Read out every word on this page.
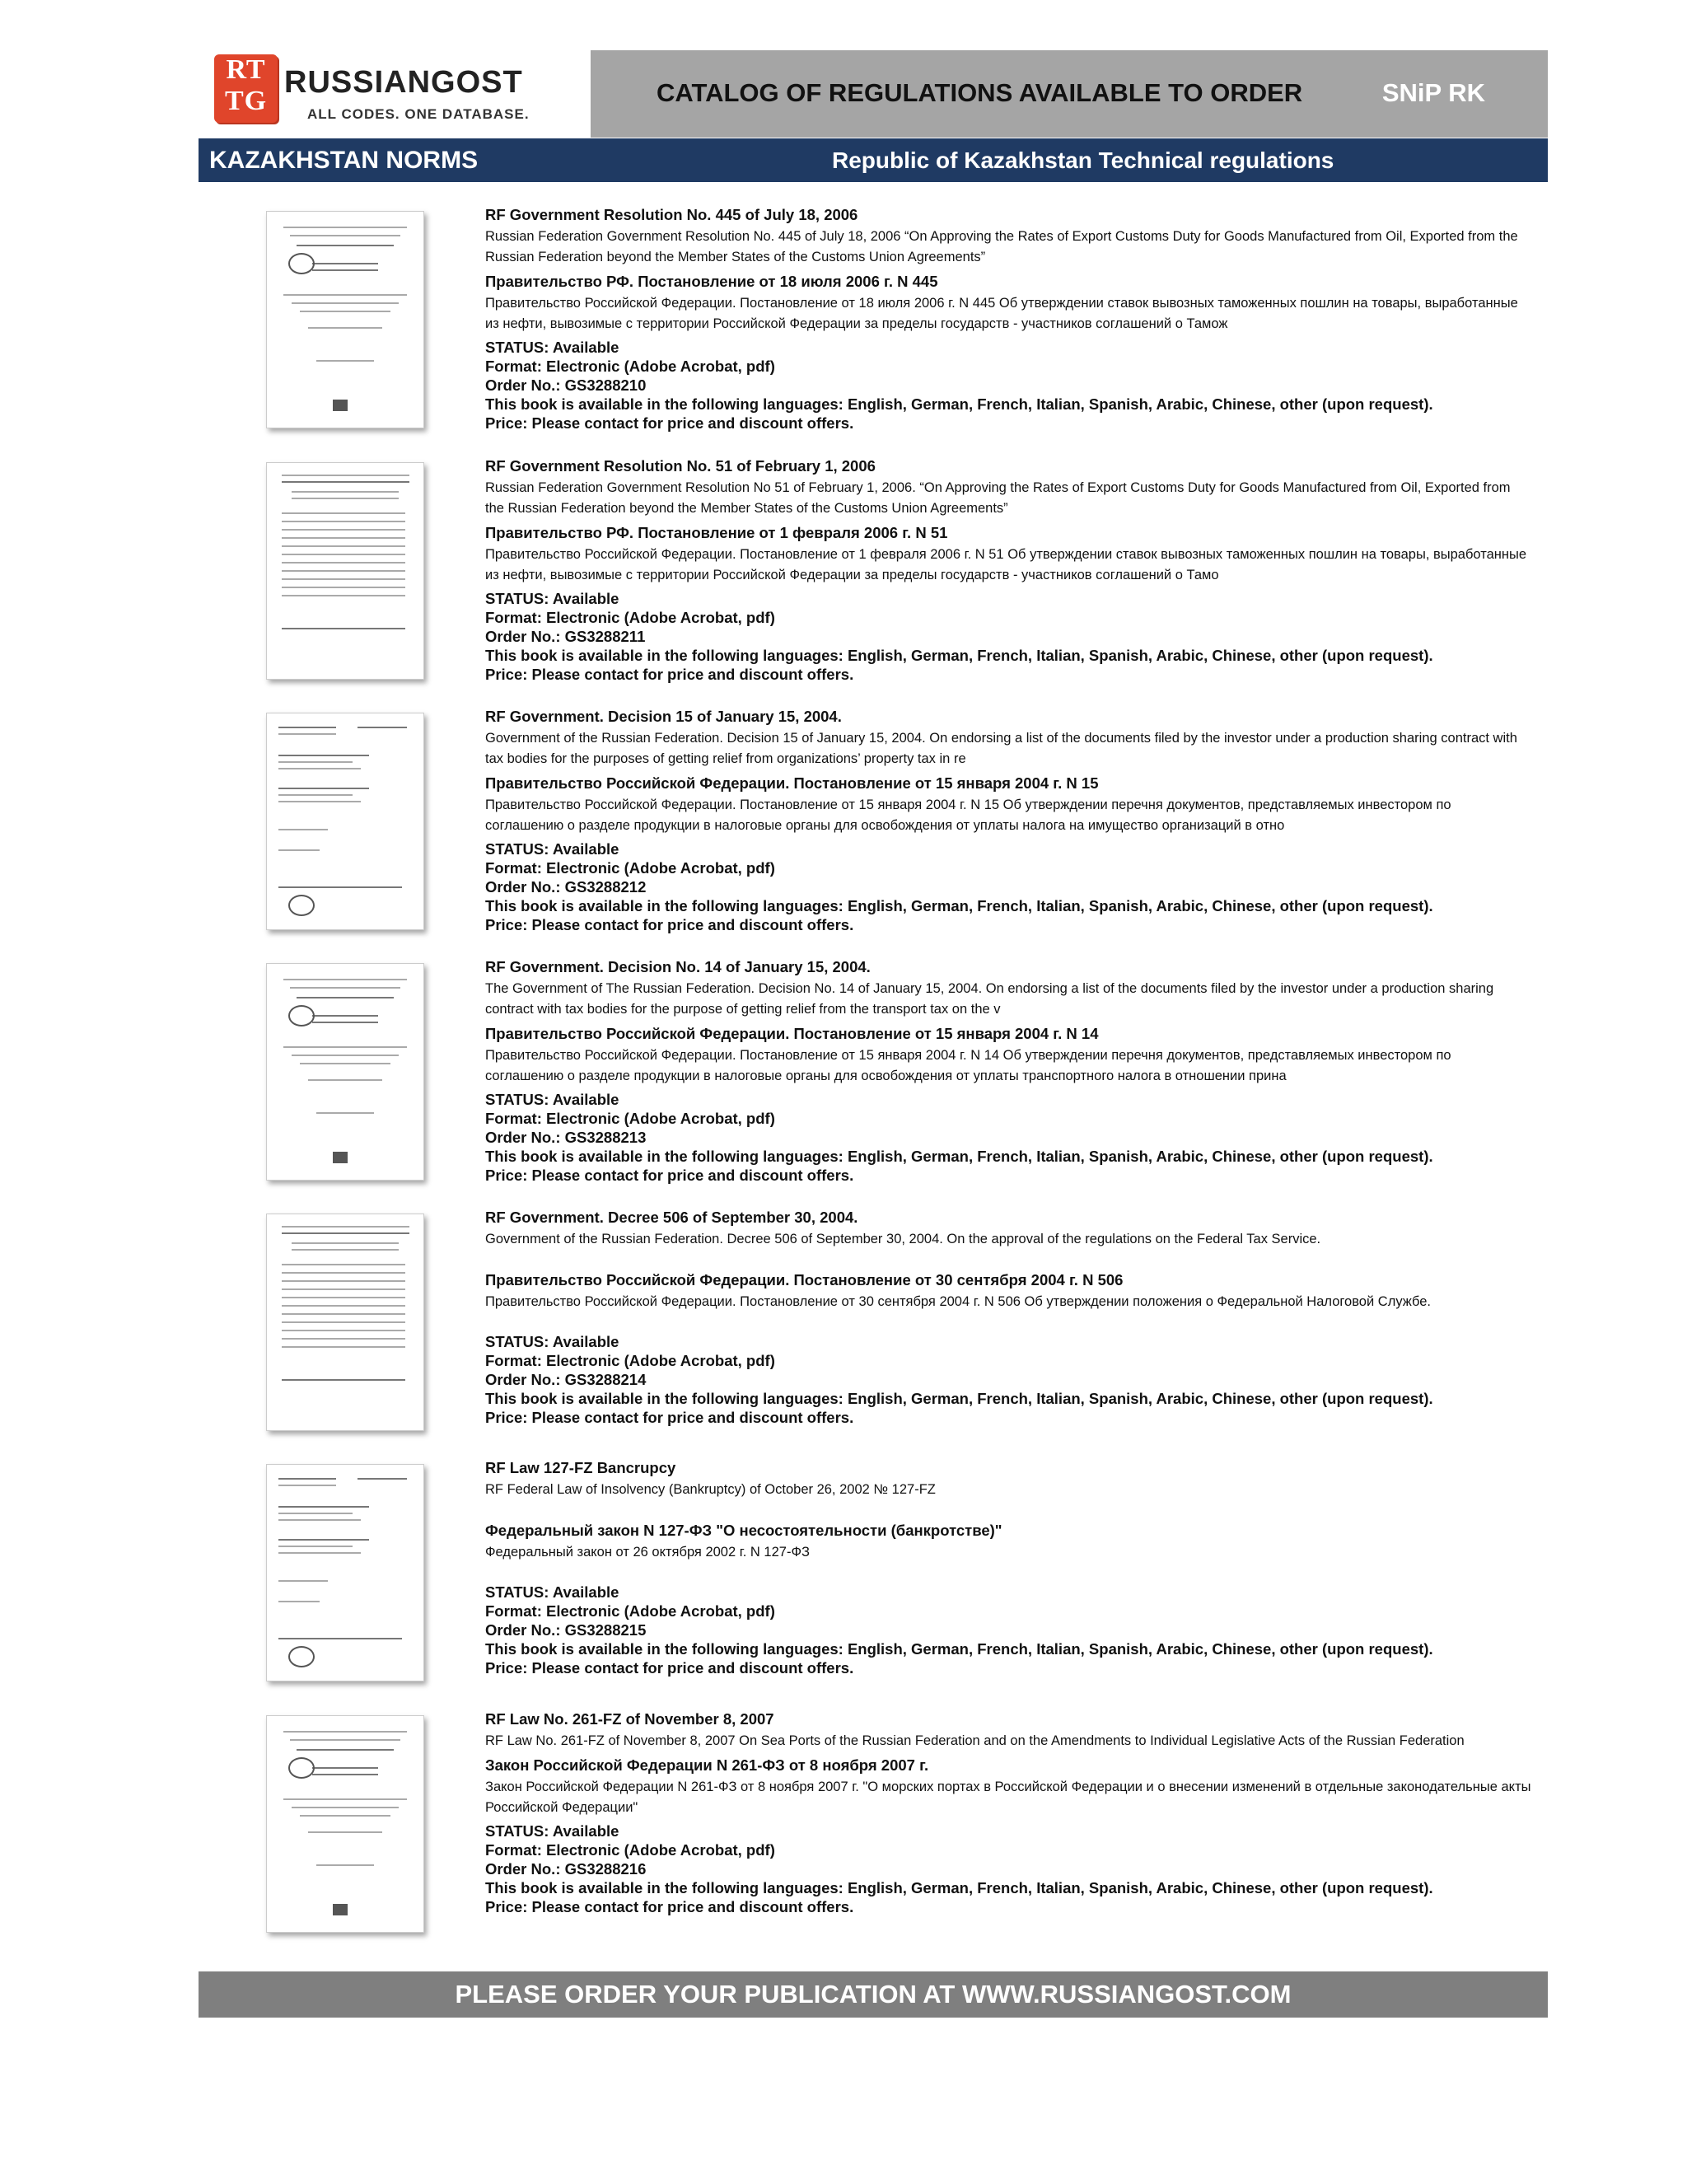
RT
TG
RUSSIANGOST
ALL CODES. ONE DATABASE.
CATALOG OF REGULATIONS AVAILABLE TO ORDER	SNiP RK
KAZAKHSTAN NORMS	Republic of Kazakhstan Technical regulations
RF Government Resolution No. 445 of July 18, 2006
Russian Federation Government Resolution No. 445 of July 18, 2006 “On Approving the Rates of Export Customs Duty for Goods Manufactured from Oil, Exported from the Russian Federation beyond the Member States of the Customs Union Agreements”
Правительство РФ. Постановление от 18 июля 2006 г. N 445
Правительство Российской Федерации. Постановление от 18 июля 2006 г. N 445 Об утверждении ставок вывозных таможенных пошлин на товары, выработанные из нефти, вывозимые с территории Российской Федерации за пределы государств - участников соглашений о Тамож
STATUS: Available
Format: Electronic (Adobe Acrobat, pdf)
Order No.: GS3288210
This book is available in the following languages: English, German, French, Italian, Spanish, Arabic, Chinese, other (upon request).
Price: Please contact for price and discount offers.
RF Government Resolution No. 51 of February 1, 2006
Russian Federation Government Resolution No 51 of February 1, 2006. “On Approving the Rates of Export Customs Duty for Goods Manufactured from Oil, Exported from the Russian Federation beyond the Member States of the Customs Union Agreements”
Правительство РФ. Постановление от 1 февраля 2006 г. N 51
Правительство Российской Федерации. Постановление от 1 февраля 2006 г. N 51 Об утверждении ставок вывозных таможенных пошлин на товары, выработанные из нефти, вывозимые с территории Российской Федерации за пределы государств - участников соглашений о Тамо
STATUS: Available
Format: Electronic (Adobe Acrobat, pdf)
Order No.: GS3288211
This book is available in the following languages: English, German, French, Italian, Spanish, Arabic, Chinese, other (upon request).
Price: Please contact for price and discount offers.
RF Government. Decision 15 of January 15, 2004.
Government of the Russian Federation. Decision 15 of January 15, 2004. On endorsing a list of the documents filed by the investor under a production sharing contract with tax bodies for the purposes of getting relief from organizations’ property tax in re
Правительство Российской Федерации. Постановление от 15 января 2004 г. N 15
Правительство Российской Федерации. Постановление от 15 января 2004 г. N 15 Об утверждении перечня документов, представляемых инвестором по соглашению о разделе продукции в налоговые органы для освобождения от уплаты налога на имущество организаций в отно
STATUS: Available
Format: Electronic (Adobe Acrobat, pdf)
Order No.: GS3288212
This book is available in the following languages: English, German, French, Italian, Spanish, Arabic, Chinese, other (upon request).
Price: Please contact for price and discount offers.
RF Government. Decision No. 14 of January 15, 2004.
The Government of The Russian Federation. Decision No. 14 of January 15, 2004. On endorsing a list of the documents filed by the investor under a production sharing contract with tax bodies for the purpose of getting relief from the transport tax on the v
Правительство Российской Федерации. Постановление от 15 января 2004 г. N 14
Правительство Российской Федерации. Постановление от 15 января 2004 г. N 14 Об утверждении перечня документов, представляемых инвестором по соглашению о разделе продукции в налоговые органы для освобождения от уплаты транспортного налога в отношении прина
STATUS: Available
Format: Electronic (Adobe Acrobat, pdf)
Order No.: GS3288213
This book is available in the following languages: English, German, French, Italian, Spanish, Arabic, Chinese, other (upon request).
Price: Please contact for price and discount offers.
RF Government. Decree 506 of September 30, 2004.
Government of the Russian Federation. Decree 506 of September 30, 2004. On the approval of the regulations on the Federal Tax Service.
Правительство Российской Федерации. Постановление от 30 сентября 2004 г. N 506
Правительство Российской Федерации. Постановление от 30 сентября 2004 г. N 506 Об утверждении положения о Федеральной Налоговой Службе.
STATUS: Available
Format: Electronic (Adobe Acrobat, pdf)
Order No.: GS3288214
This book is available in the following languages: English, German, French, Italian, Spanish, Arabic, Chinese, other (upon request).
Price: Please contact for price and discount offers.
RF Law 127-FZ Bancrupcy
RF Federal Law of Insolvency (Bankruptcy) of October 26, 2002 № 127-FZ
Федеральный закон N 127-ФЗ "О несостоятельности (банкротстве)"
Федеральный закон от 26 октября 2002 г. N 127-ФЗ
STATUS: Available
Format: Electronic (Adobe Acrobat, pdf)
Order No.: GS3288215
This book is available in the following languages: English, German, French, Italian, Spanish, Arabic, Chinese, other (upon request).
Price: Please contact for price and discount offers.
RF Law No. 261-FZ of November 8, 2007
RF Law No. 261-FZ of November 8, 2007 On Sea Ports of the Russian Federation and on the Amendments to Individual Legislative Acts of the Russian Federation
Закон Российской Федерации N 261-ФЗ от 8 ноября 2007 г.
Закон Российской Федерации N 261-ФЗ от 8 ноября 2007 г. "О морских портах в Российской Федерации и о внесении изменений в отдельные законодательные акты Российской Федерации"
STATUS: Available
Format: Electronic (Adobe Acrobat, pdf)
Order No.: GS3288216
This book is available in the following languages: English, German, French, Italian, Spanish, Arabic, Chinese, other (upon request).
Price: Please contact for price and discount offers.
PLEASE ORDER YOUR PUBLICATION AT WWW.RUSSIANGOST.COM
